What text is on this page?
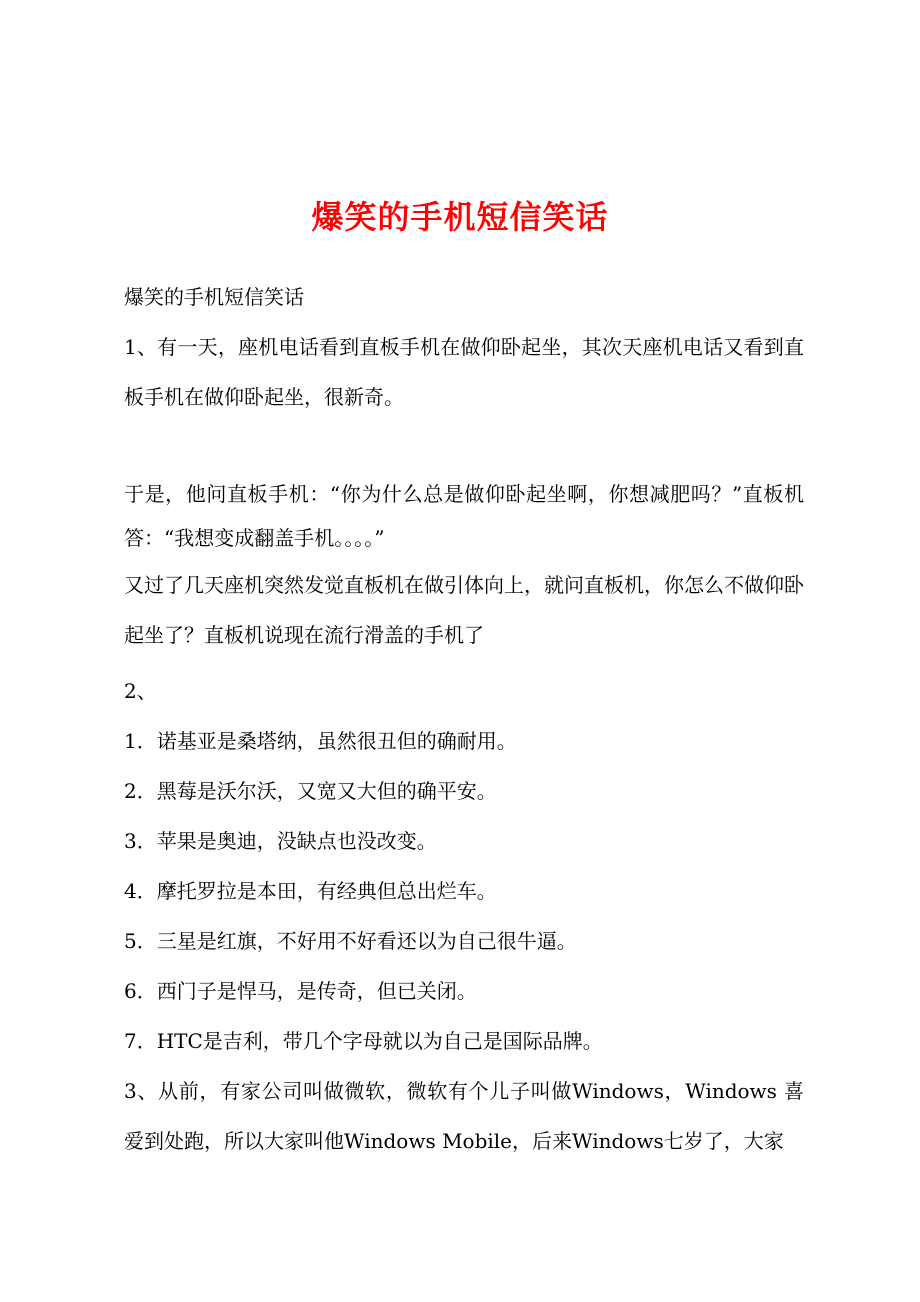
爆笑的手机短信笑话

爆笑的手机短信笑话

1、有一天，座机电话看到直板手机在做仰卧起坐，其次天座机电话又看到直板手机在做仰卧起坐，很新奇。

于是，他问直板手机：“你为什么总是做仰卧起坐啊，你想减肥吗？”直板机答：“我想变成翻盖手机。。。。”

又过了几天座机突然发觉直板机在做引体向上，就问直板机，你怎么不做仰卧起坐了？直板机说现在流行滑盖的手机了

2、

1．诺基亚是桑塔纳，虽然很丑但的确耐用。

2．黑莓是沃尔沃，又宽又大但的确平安。

3．苹果是奥迪，没缺点也没改变。

4．摩托罗拉是本田，有经典但总出烂车。

5．三星是红旗，不好用不好看还以为自己很牛逼。

6．西门子是悍马，是传奇，但已关闭。

7．HTC是吉利，带几个字母就以为自己是国际品牌。

3、从前，有家公司叫做微软，微软有个儿子叫做Windows，Windows 喜爱到处跑，所以大家叫他Windows Mobile，后来Windows七岁了，大家
